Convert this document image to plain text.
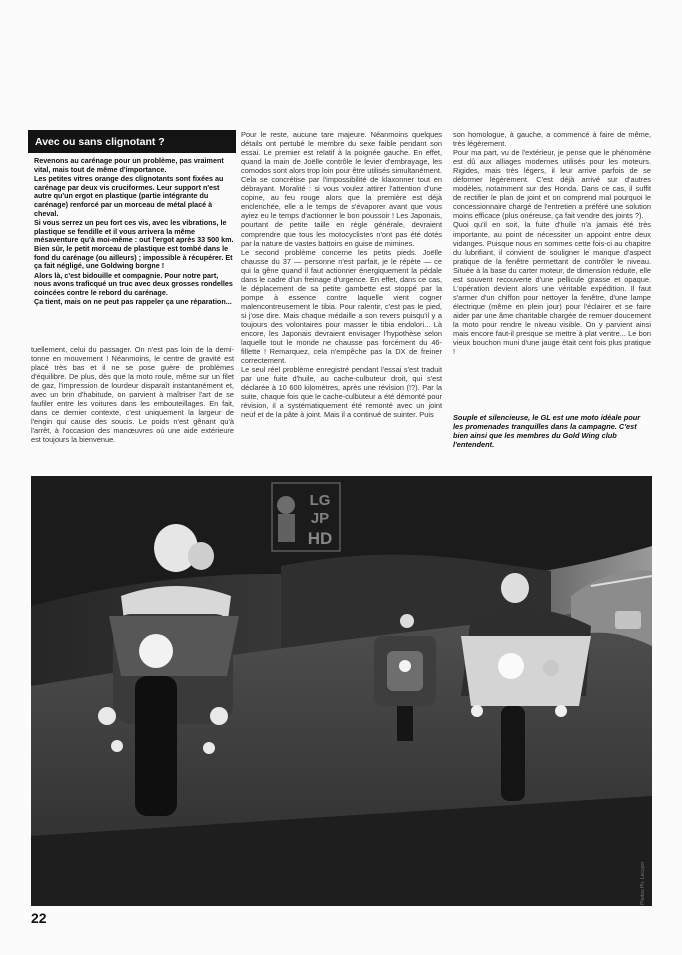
Avec ou sans clignotant ?

Revenons au carénage pour un problème, pas vraiment vital, mais tout de même d'importance.

Les petites vitres orange des clignotants sont fixées au carénage par deux vis cruciformes. Leur support n'est autre qu'un ergot en plastique (partie intégrante du carénage) renforcé par un morceau de métal placé à cheval.

Si vous serrez un peu fort ces vis, avec les vibrations, le plastique se fendille et il vous arrivera la même mésaventure qu'à moi-même : out l'ergot après 33 500 km. Bien sûr, le petit morceau de plastique est tombé dans le fond du carénage (ou ailleurs) ; impossible à récupérer. Et ça fait négligé, une Goldwing borgne !

Alors là, c'est bidouille et compagnie. Pour notre part, nous avons traficqué un truc avec deux grosses rondelles coincées contre le rebord du carénage.

Ça tient, mais on ne peut pas rappeler ça une réparation...

tuellement, celui du passager. On n'est pas loin de la demi-tonne en mouvement ! Néanmoins, le centre de gravité est placé très bas et il ne se pose guère de problèmes d'équilibre. De plus, dès que la moto roule, même sur un filet de gaz, l'impression de lourdeur disparaît instantanément et, avec un brin d'habitude, on parvient à maîtriser l'art de se faufiler entre les voitures dans les embouteillages. En fait, dans ce dernier contexte, c'est uniquement la largeur de l'engin qui cause des soucis. Le poids n'est gênant qu'à l'arrêt, à l'occasion des manœuvres où une aide extérieure est toujours la bienvenue.

Pour le reste, aucune tare majeure. Néanmoins quelques détails ont pertubé le membre du sexe faible pendant son essai. Le premier est relatif à la poignée gauche. En effet, quand la main de Joëlle contrôle le levier d'embrayage, les comodos sont alors trop loin pour être utilisés simultanément. Cela se concrétise par l'impossibilité de klaxonner tout en débrayant. Moralité : si vous voulez attirer l'attention d'une copine, au feu rouge alors que la première est déjà enclenchée, elle a le temps de s'évaporer avant que vous ayiez eu le temps d'actionner le bon poussoir ! Les Japonais, pourtant de petite taille en règle générale, devraient comprendre que tous les motocyclistes n'ont pas été dotés par la nature de vastes battoirs en guise de mimines.

Le second problème concerne les petits pieds. Joëlle chausse du 37 — personne n'est parfait, je le répète — ce qui la gêne quand il faut actionner énergiquement la pédale dans le cadre d'un freinage d'urgence. En effet, dans ce cas, le déplacement de sa petite gambette est stoppé par la pompe à essence contre laquelle vient cogner malencontreusement le tibia. Pour ralentir, c'est pas le pied, si j'ose dire. Mais chaque médaille a son revers puisqu'il y a toujours des volontaires pour masser le tibia endolori... Là encore, les Japonais devraient envisager l'hypothèse selon laquelle tout le monde ne chausse pas forcément du 46-fillette ! Remarquez, cela n'empêche pas la DX de freiner correctement.

Le seul réel problème enregistré pendant l'essai s'est traduit par une fuite d'huile, au cache-culbuteur droit, qui s'est déclarée à 10 600 kilomètres, après une révision (!?). Par la suite, chaque fois que le cache-culbuteur a été démonté pour révision, il a systématiquement été remonté avec un joint neuf et de la pâte à joint. Mais il a continué de suinter. Puis

son homologue, à gauche, a commencé à faire de même, très légèrement.

Pour ma part, vu de l'extérieur, je pense que le phénomène est dû aux alliages modernes utilisés pour les moteurs. Rigides, mais très légers, il leur arrive parfois de se déformer légèrement. C'est déjà arrivé sur d'autres modèles, notamment sur des Honda. Dans ce cas, il suffit de rectifier le plan de joint et on comprend mal pourquoi le concessionnaire chargé de l'entretien a préféré une solution moins efficace (plus onéreuse, ça fait vendre des joints ?).

Quoi qu'il en soit, la fuite d'huile n'a jamais été très importante, au point de nécessiter un appoint entre deux vidanges. Puisque nous en sommes cette fois-ci au chapitre du lubrifiant, il convient de souligner le manque d'aspect pratique de la fenêtre permettant de contrôler le niveau. Située à la base du carter moteur, de dimension réduite, elle est souvent recouverte d'une pellicule grasse et opaque. L'opération devient alors une véritable expédition. Il faut s'armer d'un chiffon pour nettoyer la fenêtre, d'une lampe électrique (même en plein jour) pour l'éclairer et se faire aider par une âme charitable chargée de remuer doucement la moto pour rendre le niveau visible. On y parvient ainsi mais encore faut-il presque se mettre à plat ventre... Le bon vieux bouchon muni d'une jauge était cent fois plus pratique !

Souple et silencieuse, le GL est une moto idéale pour les promenades tranquilles dans la campagne. C'est bien ainsi que les membres du Gold Wing club l'entendent.
LG
JP
HD
22
Photos Ph. Lecuyer
